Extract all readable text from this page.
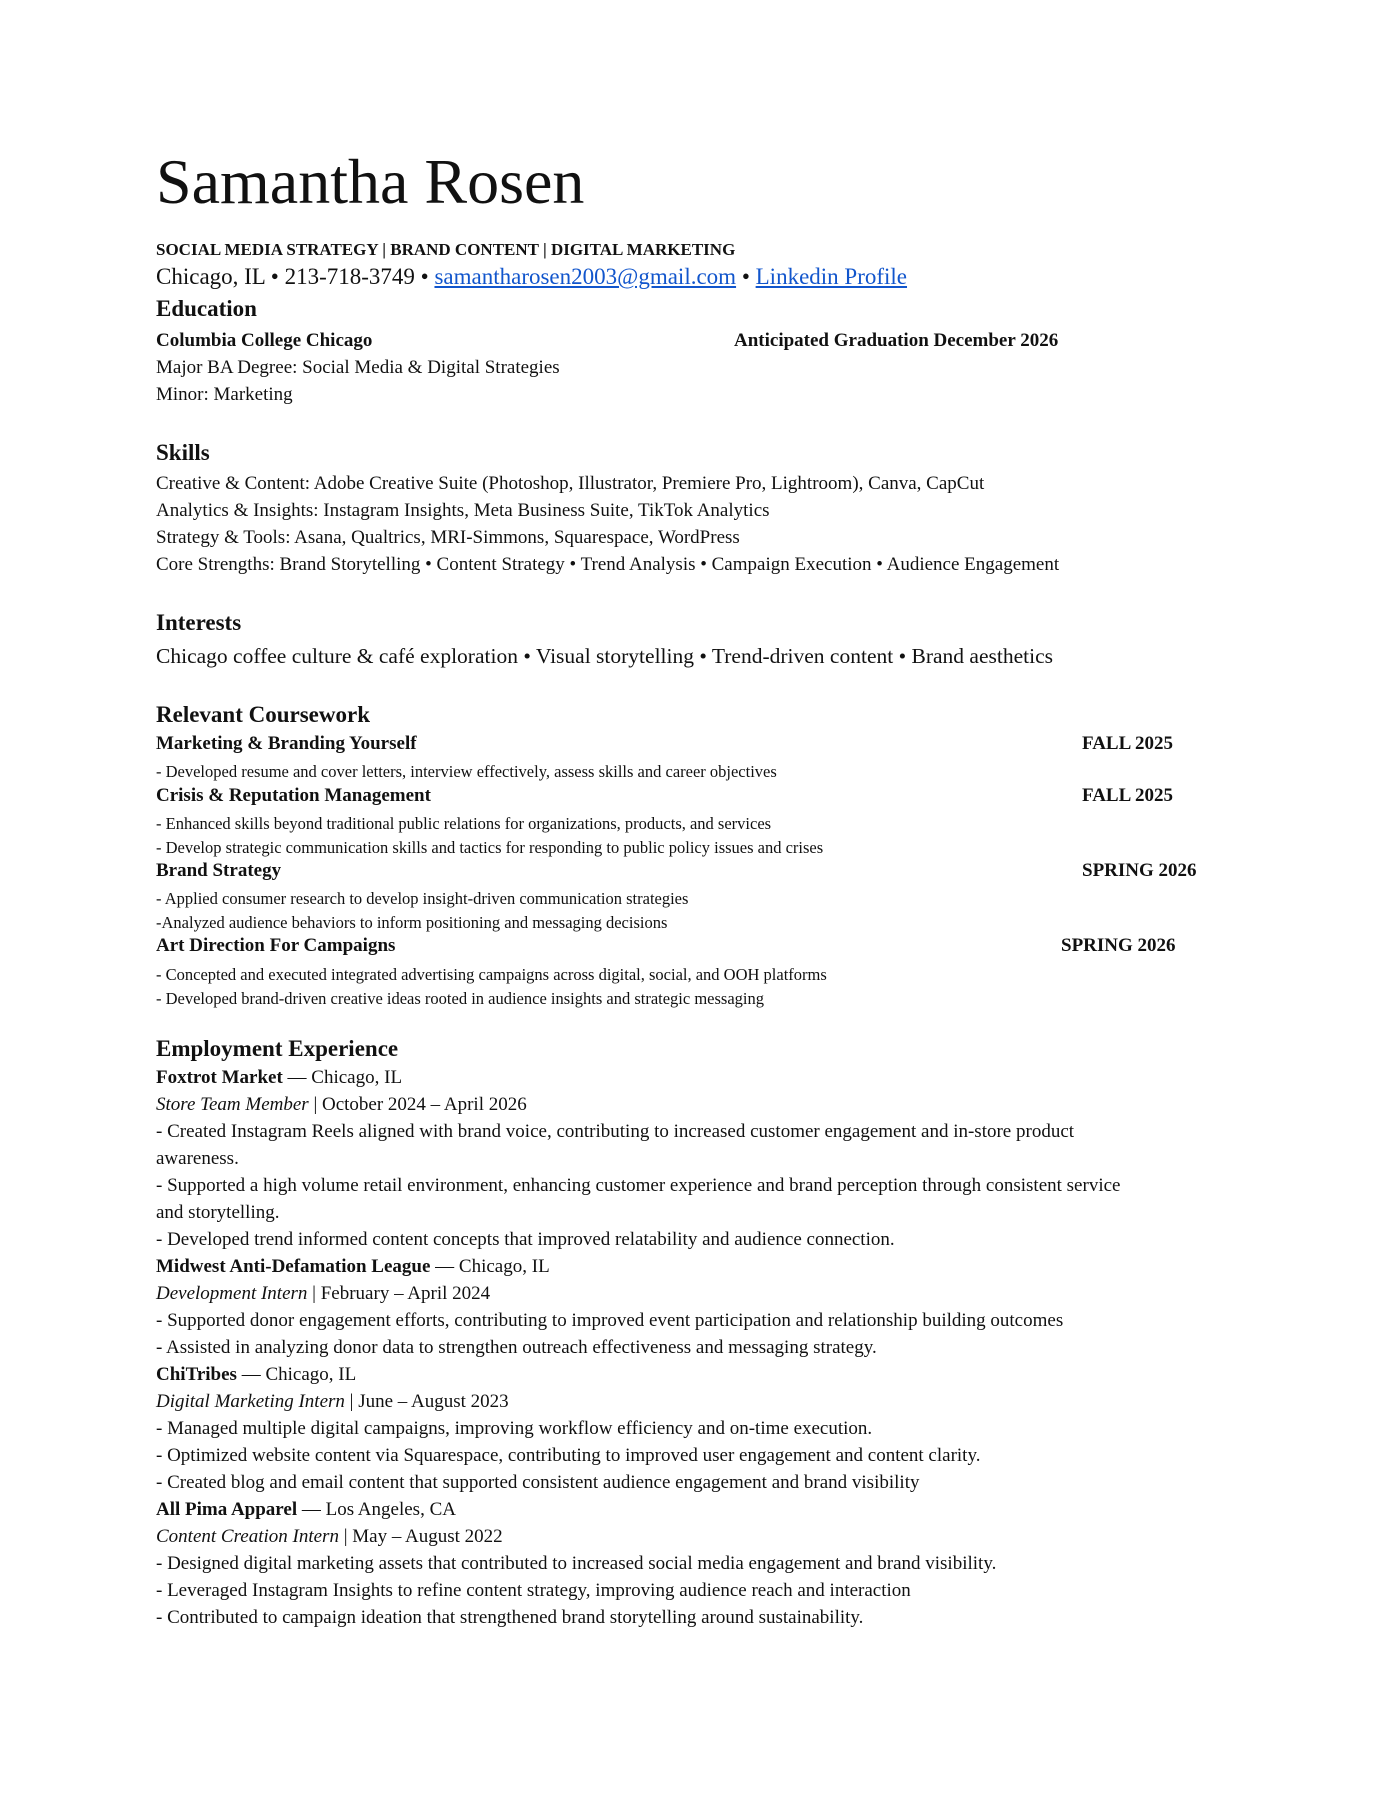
Samantha Rosen
SOCIAL MEDIA STRATEGY | BRAND CONTENT | DIGITAL MARKETING
Chicago, IL • 213-718-3749 • samantharosen2003@gmail.com • Linkedin Profile
Education
Columbia College Chicago	Anticipated Graduation December 2026
Major BA Degree: Social Media & Digital Strategies
Minor: Marketing
Skills
Creative & Content: Adobe Creative Suite (Photoshop, Illustrator, Premiere Pro, Lightroom), Canva, CapCut
Analytics & Insights: Instagram Insights, Meta Business Suite, TikTok Analytics
Strategy & Tools: Asana, Qualtrics, MRI-Simmons, Squarespace, WordPress
Core Strengths: Brand Storytelling • Content Strategy • Trend Analysis • Campaign Execution • Audience Engagement
Interests
Chicago coffee culture & café exploration • Visual storytelling • Trend-driven content • Brand aesthetics
Relevant Coursework
Marketing & Branding Yourself	FALL 2025
- Developed resume and cover letters, interview effectively, assess skills and career objectives
Crisis & Reputation Management	FALL 2025
- Enhanced skills beyond traditional public relations for organizations, products, and services
- Develop strategic communication skills and tactics for responding to public policy issues and crises
Brand Strategy	SPRING 2026
- Applied consumer research to develop insight-driven communication strategies
-Analyzed audience behaviors to inform positioning and messaging decisions
Art Direction For Campaigns	SPRING 2026
- Concepted and executed integrated advertising campaigns across digital, social, and OOH platforms
- Developed brand-driven creative ideas rooted in audience insights and strategic messaging
Employment Experience
Foxtrot Market — Chicago, IL
Store Team Member | October 2024 – April 2026
- Created Instagram Reels aligned with brand voice, contributing to increased customer engagement and in-store product
awareness.
- Supported a high volume retail environment, enhancing customer experience and brand perception through consistent service
and storytelling.
- Developed trend informed content concepts that improved relatability and audience connection.
Midwest Anti-Defamation League — Chicago, IL
Development Intern | February – April 2024
- Supported donor engagement efforts, contributing to improved event participation and relationship building outcomes
- Assisted in analyzing donor data to strengthen outreach effectiveness and messaging strategy.
ChiTribes — Chicago, IL
Digital Marketing Intern | June – August 2023
- Managed multiple digital campaigns, improving workflow efficiency and on-time execution.
- Optimized website content via Squarespace, contributing to improved user engagement and content clarity.
- Created blog and email content that supported consistent audience engagement and brand visibility
All Pima Apparel — Los Angeles, CA
Content Creation Intern | May – August 2022
- Designed digital marketing assets that contributed to increased social media engagement and brand visibility.
- Leveraged Instagram Insights to refine content strategy, improving audience reach and interaction
- Contributed to campaign ideation that strengthened brand storytelling around sustainability.
